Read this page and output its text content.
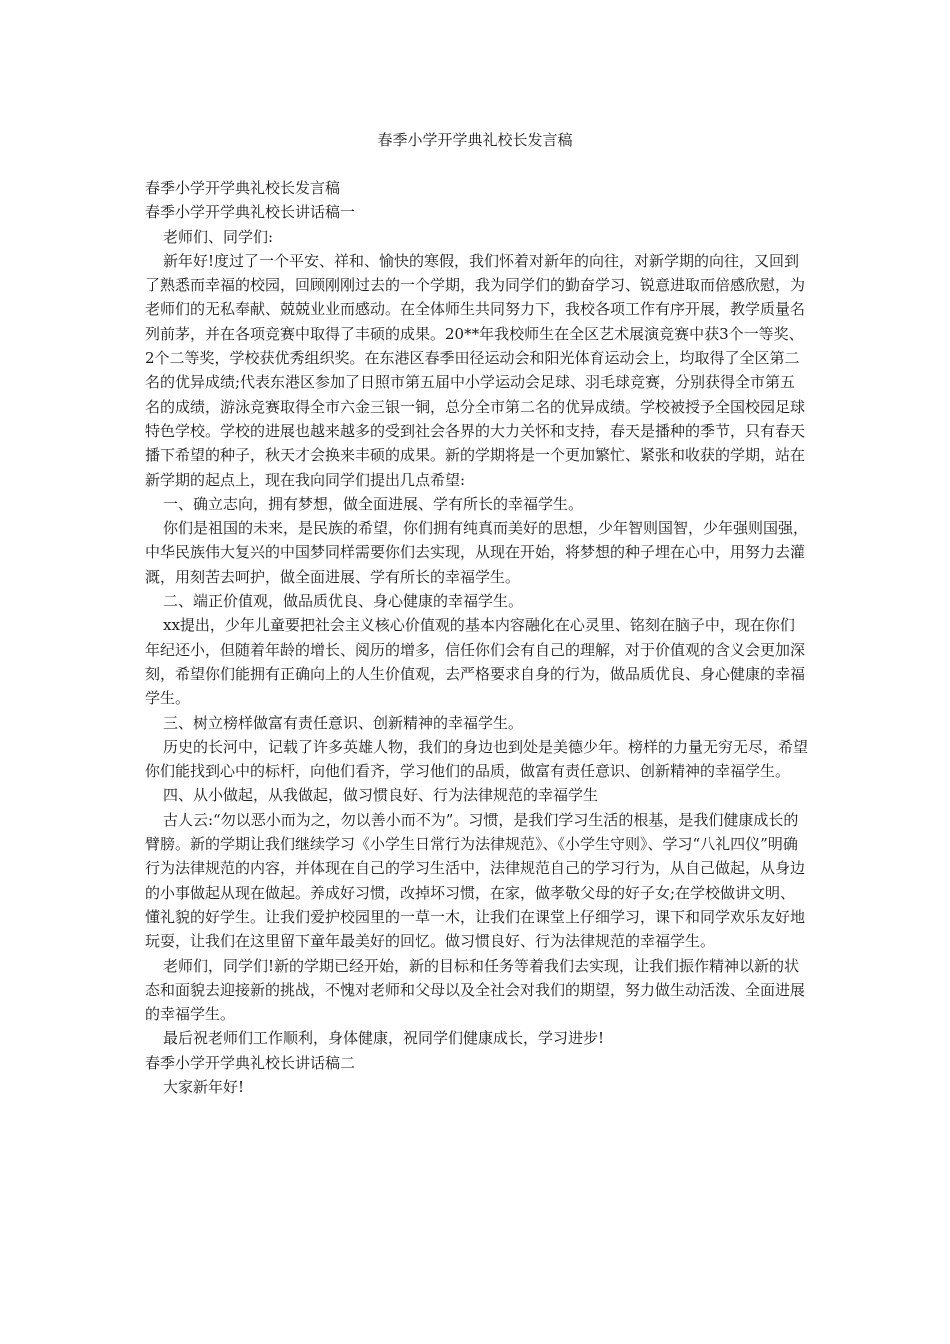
春季小学开学典礼校长发言稿

春季小学开学典礼校长发言稿

春季小学开学典礼校长讲话稿一

老师们、同学们:

新年好!度过了一个平安、祥和、愉快的寒假，我们怀着对新年的向往，对新学期的向往，又回到了熟悉而幸福的校园，回顾刚刚过去的一个学期，我为同学们的勤奋学习、锐意进取而倍感欣慰，为老师们的无私奉献、兢兢业业而感动。在全体师生共同努力下，我校各项工作有序开展，教学质量名列前茅，并在各项竞赛中取得了丰硕的成果。20**年我校师生在全区艺术展演竞赛中获3个一等奖、2个二等奖，学校获优秀组织奖。在东港区春季田径运动会和阳光体育运动会上，均取得了全区第二名的优异成绩;代表东港区参加了日照市第五届中小学运动会足球、羽毛球竞赛，分别获得全市第五名的成绩，游泳竞赛取得全市六金三银一铜，总分全市第二名的优异成绩。学校被授予全国校园足球特色学校。学校的进展也越来越多的受到社会各界的大力关怀和支持，春天是播种的季节，只有春天播下希望的种子，秋天才会换来丰硕的成果。新的学期将是一个更加繁忙、紧张和收获的学期，站在新学期的起点上，现在我向同学们提出几点希望:

一、确立志向，拥有梦想，做全面进展、学有所长的幸福学生。

你们是祖国的未来，是民族的希望，你们拥有纯真而美好的思想，少年智则国智，少年强则国强，中华民族伟大复兴的中国梦同样需要你们去实现，从现在开始，将梦想的种子埋在心中，用努力去灌溉，用刻苦去呵护，做全面进展、学有所长的幸福学生。

二、端正价值观，做品质优良、身心健康的幸福学生。

xx提出，少年儿童要把社会主义核心价值观的基本内容融化在心灵里、铭刻在脑子中，现在你们年纪还小，但随着年龄的增长、阅历的增多，信任你们会有自己的理解，对于价值观的含义会更加深刻，希望你们能拥有正确向上的人生价值观，去严格要求自身的行为，做品质优良、身心健康的幸福学生。

三、树立榜样做富有责任意识、创新精神的幸福学生。

历史的长河中，记载了许多英雄人物，我们的身边也到处是美德少年。榜样的力量无穷无尽，希望你们能找到心中的标杆，向他们看齐，学习他们的品质，做富有责任意识、创新精神的幸福学生。

四、从小做起，从我做起，做习惯良好、行为法律规范的幸福学生

古人云:“勿以恶小而为之，勿以善小而不为”。习惯，是我们学习生活的根基，是我们健康成长的臂膀。新的学期让我们继续学习《小学生日常行为法律规范》、《小学生守则》、学习“八礼四仪”明确行为法律规范的内容，并体现在自己的学习生活中，法律规范自己的学习行为，从自己做起，从身边的小事做起从现在做起。养成好习惯，改掉坏习惯，在家，做孝敬父母的好子女;在学校做讲文明、懂礼貌的好学生。让我们爱护校园里的一草一木，让我们在课堂上仔细学习，课下和同学欢乐友好地玩耍，让我们在这里留下童年最美好的回忆。做习惯良好、行为法律规范的幸福学生。

老师们，同学们!新的学期已经开始，新的目标和任务等着我们去实现，让我们振作精神以新的状态和面貌去迎接新的挑战，不愧对老师和父母以及全社会对我们的期望，努力做生动活泼、全面进展的幸福学生。

最后祝老师们工作顺利，身体健康，祝同学们健康成长，学习进步!

春季小学开学典礼校长讲话稿二

大家新年好!
